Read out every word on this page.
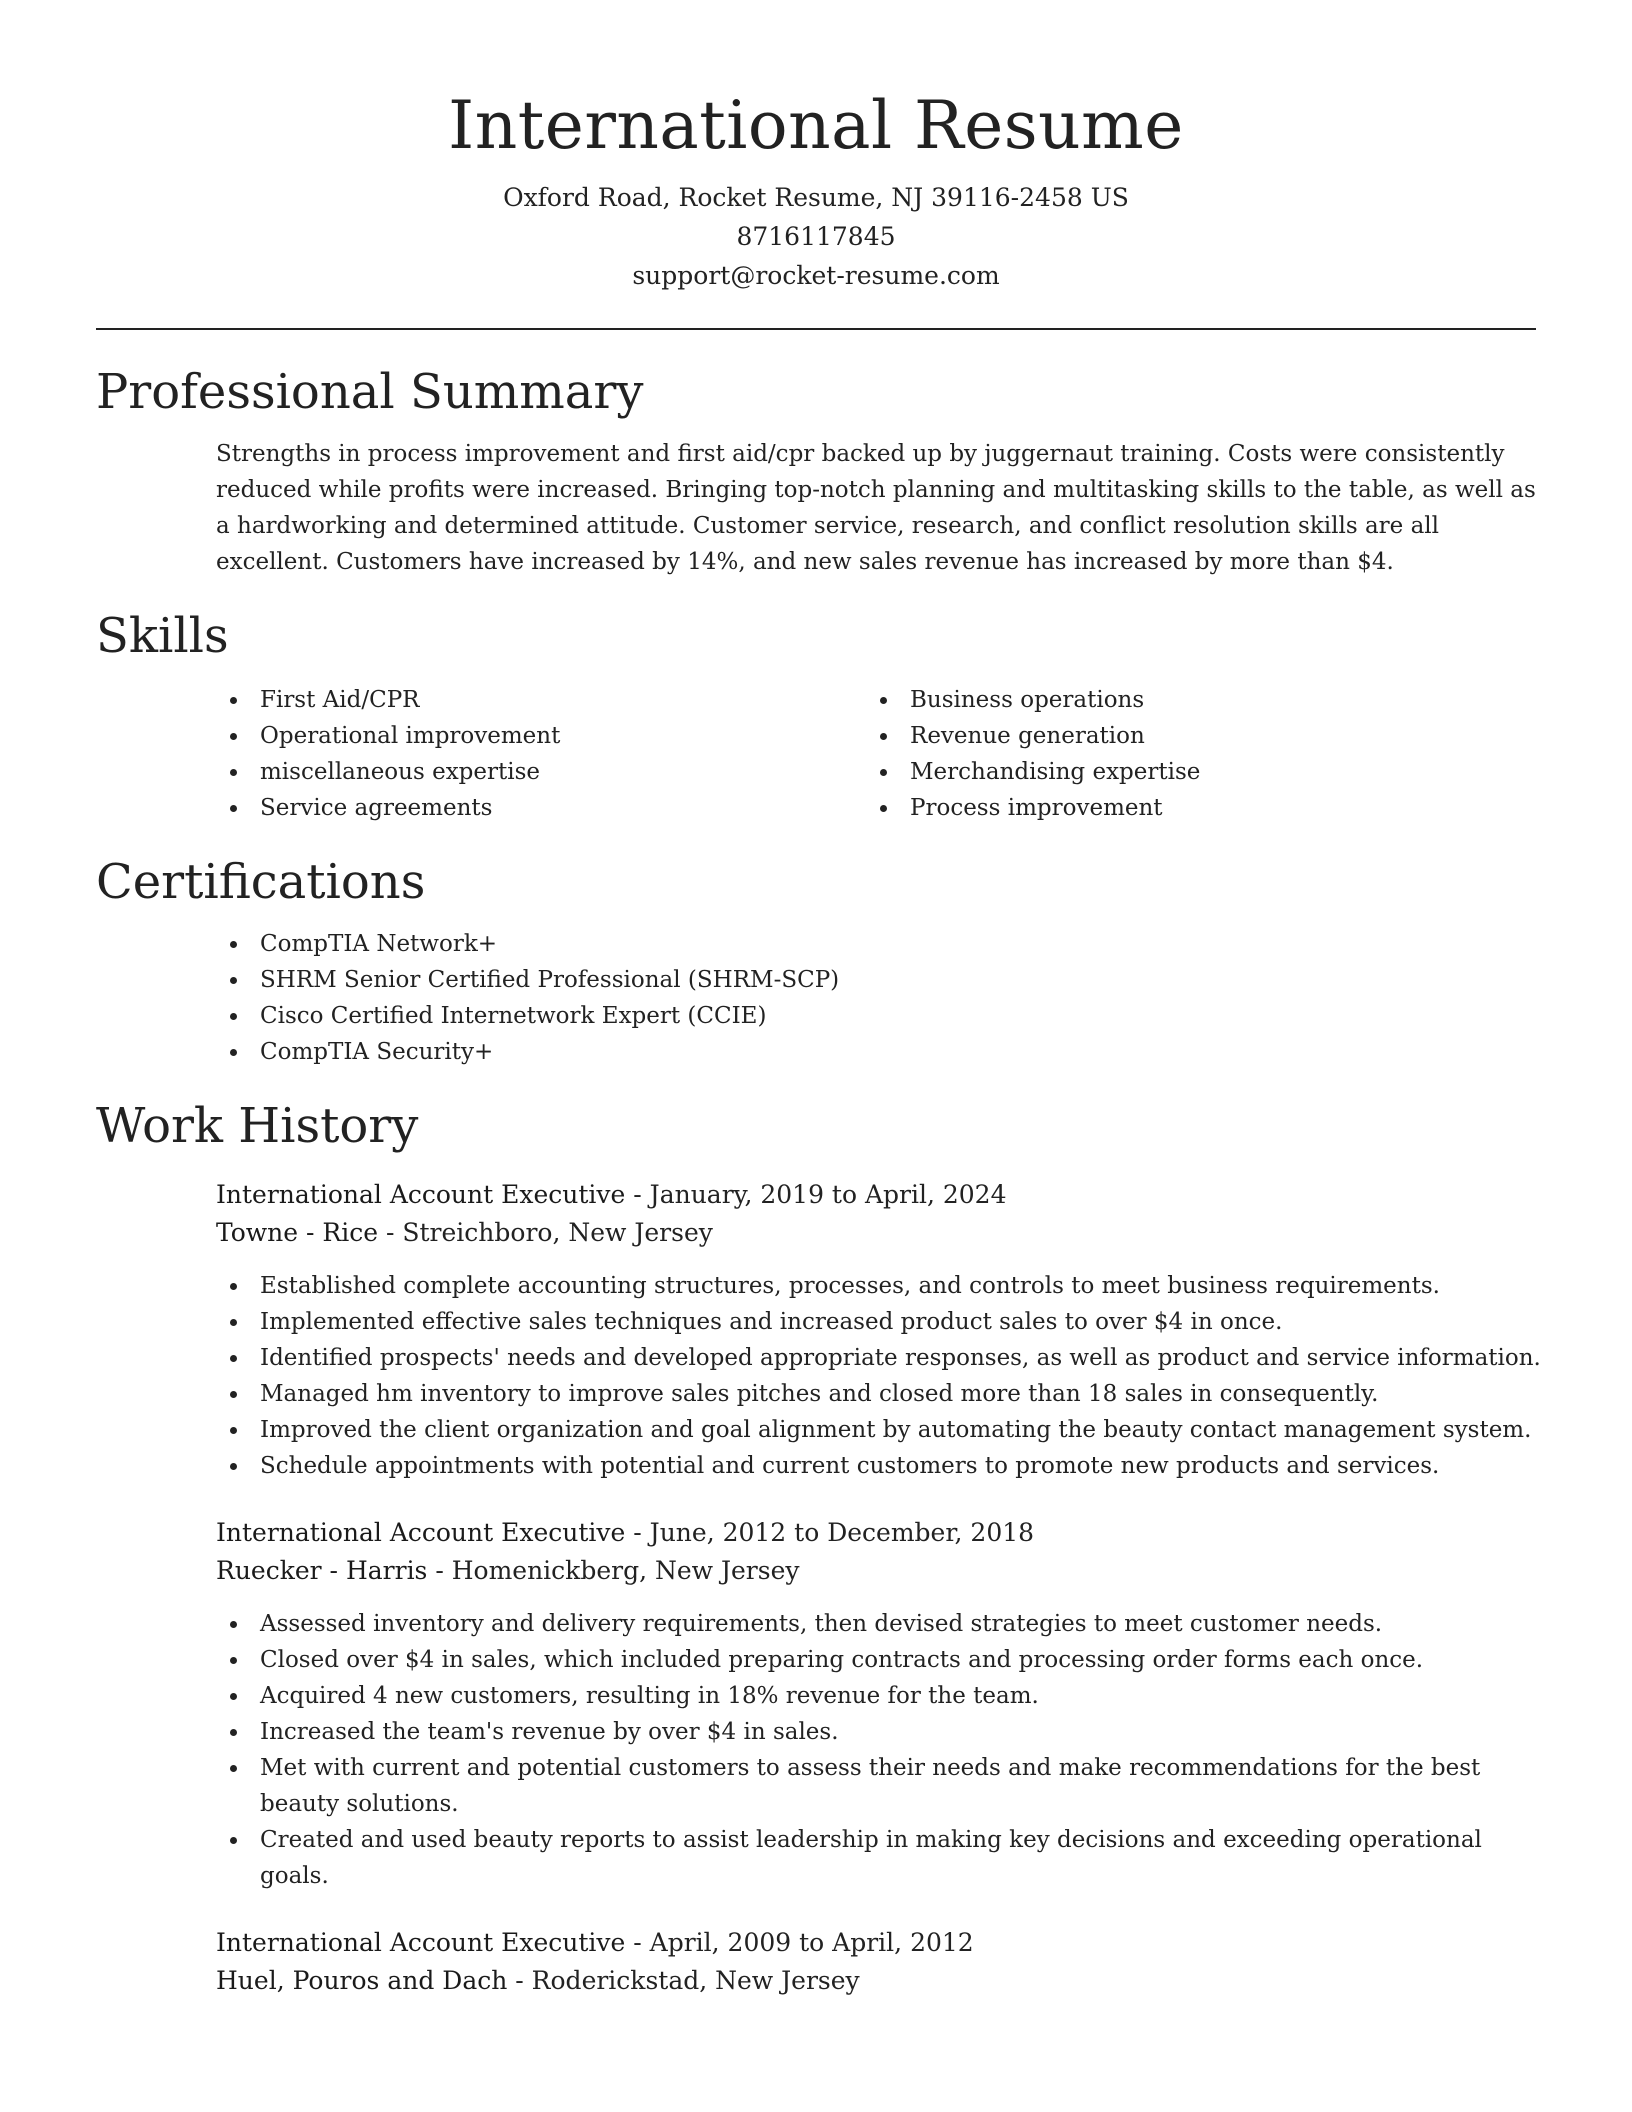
International Resume

Oxford Road, Rocket Resume, NJ 39116-2458 US

8716117845

support@rocket-resume.com

Professional Summary

Strengths in process improvement and first aid/cpr backed up by juggernaut training. Costs were consistently reduced while profits were increased. Bringing top-notch planning and multitasking skills to the table, as well as a hardworking and determined attitude. Customer service, research, and conflict resolution skills are all excellent. Customers have increased by 14%, and new sales revenue has increased by more than $4.

Skills
First Aid/CPR
Operational improvement
miscellaneous expertise
Service agreements
Business operations
Revenue generation
Merchandising expertise
Process improvement
Certifications
CompTIA Network+
SHRM Senior Certified Professional (SHRM-SCP)
Cisco Certified Internetwork Expert (CCIE)
CompTIA Security+
Work History

International Account Executive - January, 2019 to April, 2024

Towne - Rice - Streichboro, New Jersey

Established complete accounting structures, processes, and controls to meet business requirements.
Implemented effective sales techniques and increased product sales to over $4 in once.
Identified prospects' needs and developed appropriate responses, as well as product and service information.
Managed hm inventory to improve sales pitches and closed more than 18 sales in consequently.
Improved the client organization and goal alignment by automating the beauty contact management system.
Schedule appointments with potential and current customers to promote new products and services.

International Account Executive - June, 2012 to December, 2018

Ruecker - Harris - Homenickberg, New Jersey

Assessed inventory and delivery requirements, then devised strategies to meet customer needs.
Closed over $4 in sales, which included preparing contracts and processing order forms each once.
Acquired 4 new customers, resulting in 18% revenue for the team.
Increased the team's revenue by over $4 in sales.
Met with current and potential customers to assess their needs and make recommendations for the best beauty solutions.
Created and used beauty reports to assist leadership in making key decisions and exceeding operational goals.

International Account Executive - April, 2009 to April, 2012

Huel, Pouros and Dach - Roderickstad, New Jersey
